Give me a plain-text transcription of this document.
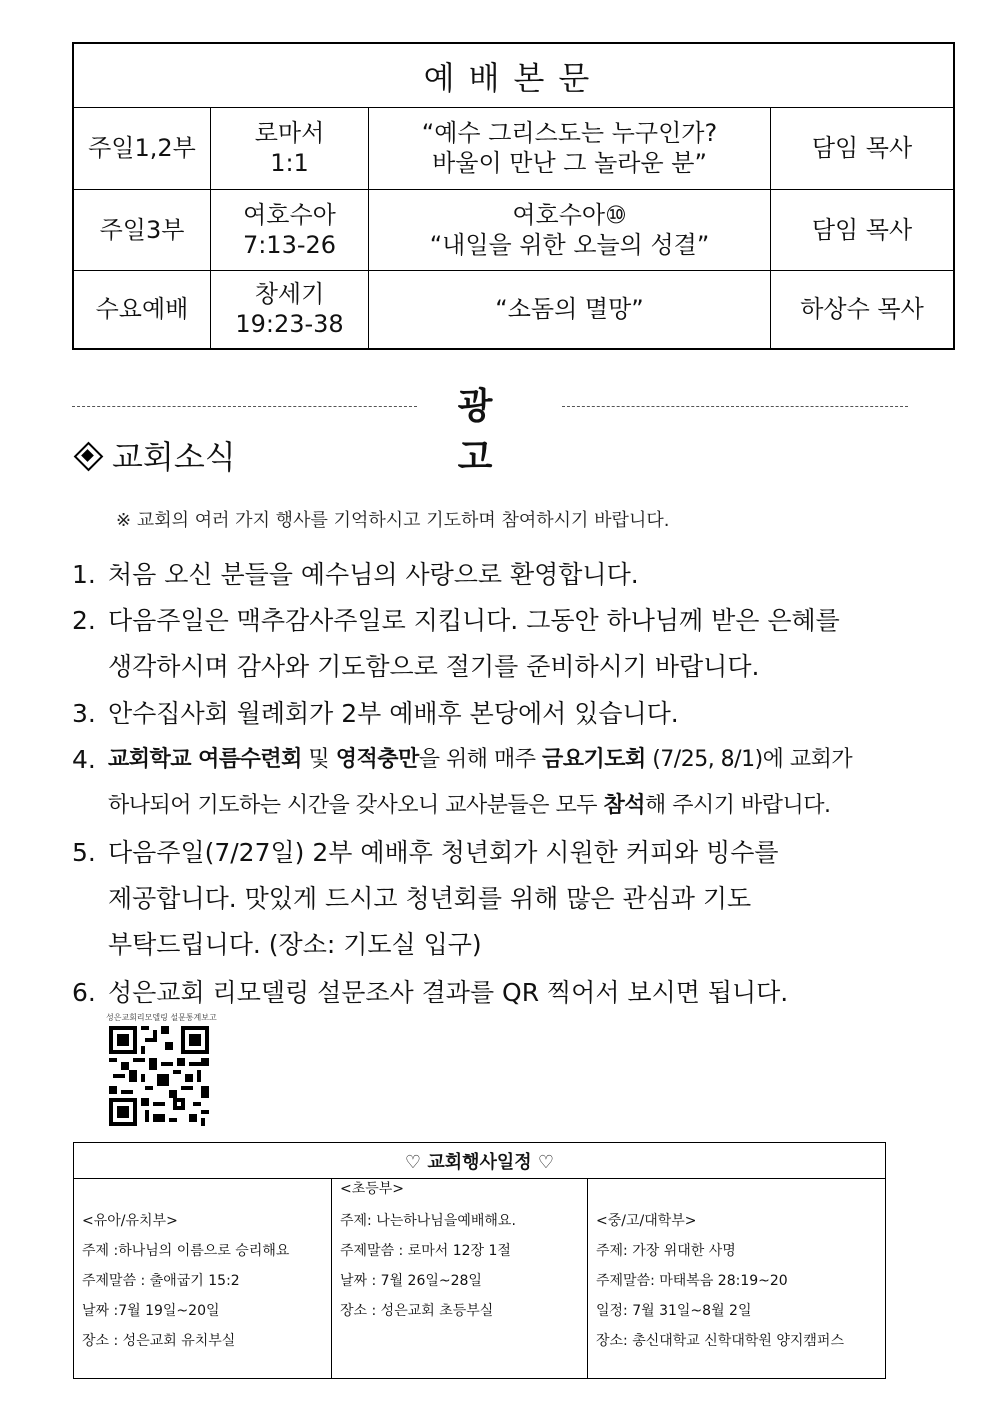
예배본문
주일1,2부
로마서
1:1
“예수 그리스도는 누구인가?
바울이 만난 그 놀라운 분”
담임 목사
주일3부
여호수아
7:13-26
여호수아⑩
“내일을 위한 오늘의 성결”
담임 목사
수요예배
창세기
19:23-38
“소돔의 멸망”	하상수 목사
광고
교회소식
※ 교회의 여러 가지 행사를 기억하시고 기도하며 참여하시기 바랍니다.
1. 처음 오신 분들을 예수님의 사랑으로 환영합니다.
2. 다음주일은 맥추감사주일로 지킵니다. 그동안 하나님께 받은 은혜를
생각하시며 감사와 기도함으로 절기를 준비하시기 바랍니다.
3. 안수집사회 월례회가 2부 예배후 본당에서 있습니다.
4. 교회학교 여름수련회 및 영적충만을 위해 매주 금요기도회 (7/25, 8/1)에 교회가
하나되어 기도하는 시간을 갖사오니 교사분들은 모두 참석해 주시기 바랍니다.
5. 다음주일(7/27일) 2부 예배후 청년회가 시원한 커피와 빙수를
제공합니다. 맛있게 드시고 청년회를 위해 많은 관심과 기도
부탁드립니다. (장소: 기도실 입구)
6. 성은교회 리모델링 설문조사 결과를 QR 찍어서 보시면 됩니다.
성은교회리모델링 설문통계보고
♡ 교회행사일정 ♡
<유아/유치부>
주제 :하나님의 이름으로 승리해요
주제말씀 : 출애굽기 15:2
날짜 :7월 19일~20일
장소 : 성은교회 유치부실
<초등부>
주제: 나는하나님을예배해요.
주제말씀 : 로마서 12장 1절
날짜 : 7월 26일~28일
장소 : 성은교회 초등부실
<중/고/대학부>
주제: 가장 위대한 사명
주제말씀: 마태복음 28:19~20
일정: 7월 31일~8월 2일
장소: 총신대학교 신학대학원 양지캠퍼스
